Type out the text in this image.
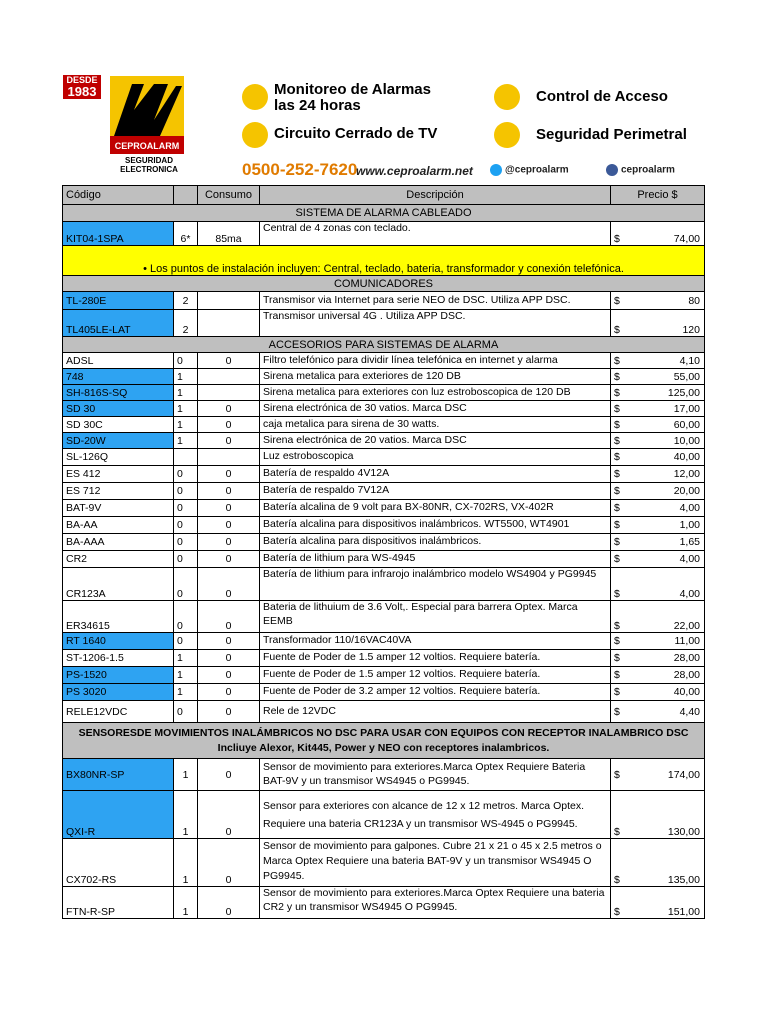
DESDE
1983
CEPROALARM
SEGURIDAD
ELECTRONICA
Monitoreo de Alarmas
las 24 horas
Control de Acceso
Circuito Cerrado de TV	Seguridad Perimetral
0500-252-7620
www.ceproalarm.net	@ceproalarm	ceproalarm
Código		Consumo	Descripción	Precio $
SISTEMA DE ALARMA CABLEADO				
KIT04-1SPA	6*	85ma	Central de 4 zonas con teclado.	$ 74,00

• Los puntos de instalación incluyen: Central, teclado, bateria, transformador y conexión telefónica.				
COMUNICADORES				
TL-280E	2		Transmisor via Internet para serie NEO de DSC. Utiliza APP DSC.	$ 80

TL405LE-LAT	2		Transmisor universal 4G . Utiliza APP DSC.	$ 120

ACCESORIOS PARA SISTEMAS DE ALARMA				
ADSL	0	0	Filtro telefónico para dividir línea telefónica en internet y alarma	$ 4,10

748	1		Sirena metalica para exteriores de 120 DB	$ 55,00

SH-816S-SQ	1		Sirena metalica para exteriores con luz estroboscopica de 120 DB	$ 125,00

SD 30	1	0	Sirena electrónica de 30 vatios. Marca DSC	$ 17,00

SD 30C	1	0	caja metalica para sirena de 30 watts.	$ 60,00

SD-20W	1	0	Sirena electrónica de 20 vatios. Marca DSC	$ 10,00

SL-126Q			Luz estroboscopica	$ 40,00

ES 412	0	0	Batería de respaldo 4V12A	$ 12,00

ES 712	0	0	Batería de respaldo 7V12A	$ 20,00

BAT-9V	0	0	Batería alcalina de 9 volt para BX-80NR, CX-702RS, VX-402R	$ 4,00

BA-AA	0	0	Batería alcalina para dispositivos inalámbricos. WT5500, WT4901	$ 1,00

BA-AAA	0	0	Batería alcalina para dispositivos inalámbricos.	$ 1,65

CR2	0	0	Batería de lithium para WS-4945	$ 4,00

CR123A	0	0	Batería de lithium para infrarojo inalámbrico modelo WS4904 y PG9945	$ 4,00

ER34615	0	0	Bateria de lithuium de 3.6 Volt,. Especial para barrera Optex. Marca EEMB	$ 22,00

RT 1640	0	0	Transformador 110/16VAC40VA	$ 11,00

ST-1206-1.5	1	0	Fuente de Poder de 1.5 amper 12 voltios. Requiere batería.	$ 28,00

PS-1520	1	0	Fuente de Poder de 1.5 amper 12 voltios. Requiere batería.	$ 28,00

PS 3020	1	0	Fuente de Poder de 3.2 amper 12 voltios. Requiere batería.	$ 40,00

RELE12VDC	0	0	Rele de 12VDC	$ 4,40

SENSORESDE MOVIMIENTOS INALÁMBRICOS NO DSC PARA USAR CON EQUIPOS CON RECEPTOR INALAMBRICO DSC Incliuye Alexor, Kit445, Power y NEO con receptores inalambricos.				
BX80NR-SP	1	0	Sensor de movimiento para exteriores.Marca Optex Requiere Bateria BAT-9V y un transmisor WS4945 o PG9945.	$ 174,00

QXI-R	1	0	Sensor para exteriores con alcance de 12 x 12 metros. Marca Optex. Requiere una bateria CR123A y un transmisor WS-4945 o PG9945.	$ 130,00

CX702-RS	1	0	Sensor de movimiento para galpones. Cubre 21 x 21 o 45 x 2.5 metros o Marca Optex Requiere una bateria BAT-9V y un transmisor WS4945 O PG9945.	$ 135,00

FTN-R-SP	1	0	Sensor de movimiento para exteriores.Marca Optex Requiere una bateria CR2 y un transmisor WS4945 O PG9945.	$ 151,00
